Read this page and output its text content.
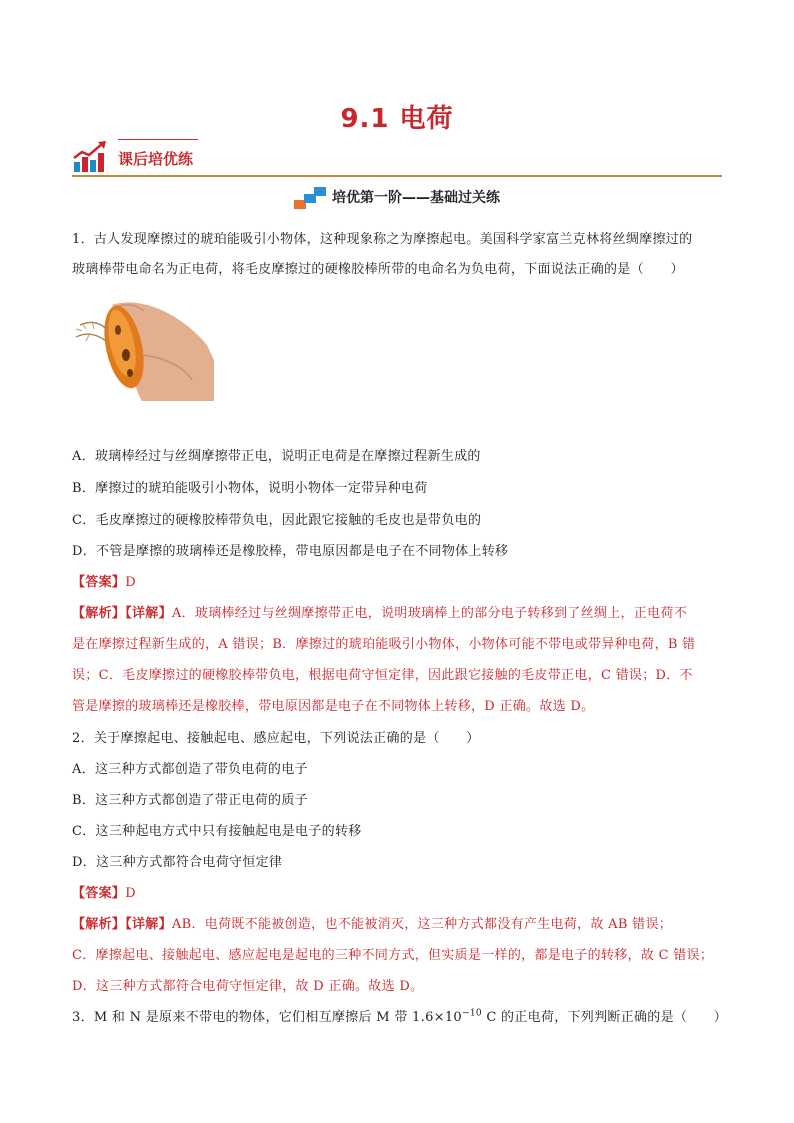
9.1 电荷
课后培优练
培优第一阶——基础过关练
1．古人发现摩擦过的琥珀能吸引小物体，这种现象称之为摩擦起电。美国科学家富兰克林将丝绸摩擦过的
玻璃棒带电命名为正电荷，将毛皮摩擦过的硬橡胶棒所带的电命名为负电荷，下面说法正确的是（　　）
A．玻璃棒经过与丝绸摩擦带正电，说明正电荷是在摩擦过程新生成的
B．摩擦过的琥珀能吸引小物体，说明小物体一定带异种电荷
C．毛皮摩擦过的硬橡胶棒带负电，因此跟它接触的毛皮也是带负电的
D．不管是摩擦的玻璃棒还是橡胶棒，带电原因都是电子在不同物体上转移
【答案】D
【解析】【详解】A．玻璃棒经过与丝绸摩擦带正电，说明玻璃棒上的部分电子转移到了丝绸上，正电荷不
是在摩擦过程新生成的，A 错误；B．摩擦过的琥珀能吸引小物体，小物体可能不带电或带异种电荷，B 错
误；C．毛皮摩擦过的硬橡胶棒带负电，根据电荷守恒定律，因此跟它接触的毛皮带正电，C 错误；D．不
管是摩擦的玻璃棒还是橡胶棒，带电原因都是电子在不同物体上转移，D 正确。故选 D。
2．关于摩擦起电、接触起电、感应起电，下列说法正确的是（　　）
A．这三种方式都创造了带负电荷的电子
B．这三种方式都创造了带正电荷的质子
C．这三种起电方式中只有接触起电是电子的转移
D．这三种方式都符合电荷守恒定律
【答案】D
【解析】【详解】AB．电荷既不能被创造，也不能被消灭，这三种方式都没有产生电荷，故 AB 错误；
C．摩擦起电、接触起电、感应起电是起电的三种不同方式，但实质是一样的，都是电子的转移，故 C 错误；
D．这三种方式都符合电荷守恒定律，故 D 正确。故选 D。
3．M 和 N 是原来不带电的物体，它们相互摩擦后 M 带 $1.6\times 10^{-10}$ C 的正电荷，下列判断正确的是（　　）
